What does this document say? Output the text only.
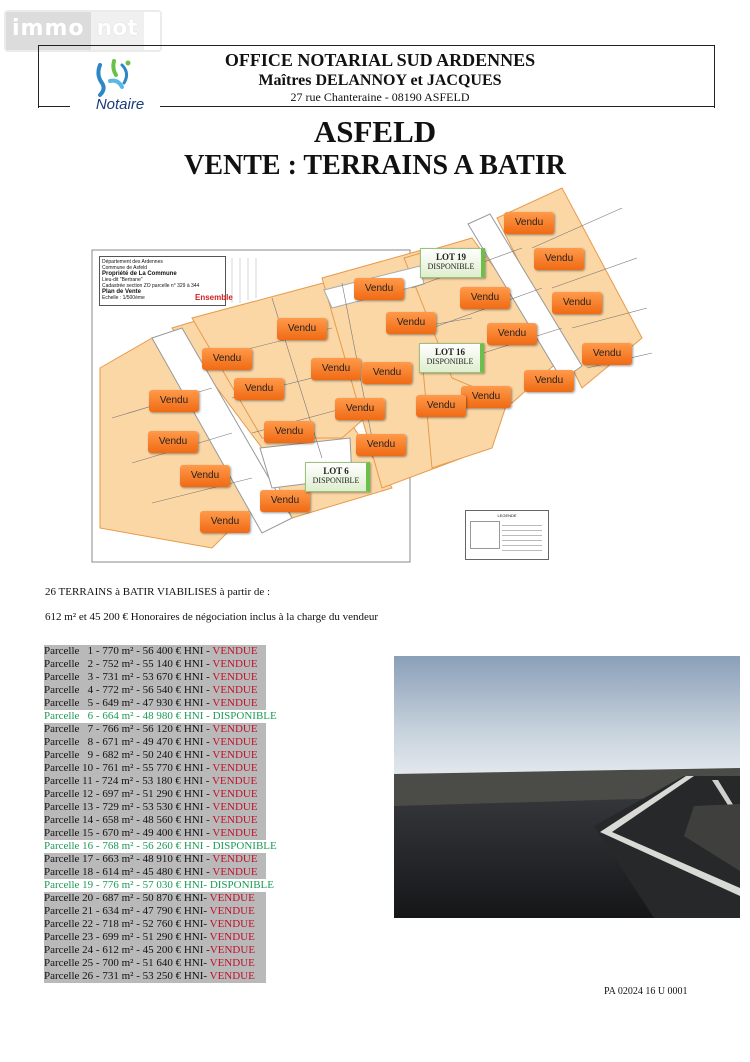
immo not
Notaire
OFFICE NOTARIAL SUD ARDENNES
Maîtres DELANNOY et JACQUES
27 rue Chanteraine - 08190 ASFELD
ASFELD
VENTE : TERRAINS A BATIR
Département des Ardennes
Commune de Asfeld
Propriété de La Commune
Lieu-dit "Bertrane"
Cadastrée section ZO parcelle n° 329 à 344
Plan de Vente
Echelle : 1/500ème	Ensemble
Vendu
Vendu
Vendu
Vendu	Vendu
Vendu
Vendu	Vendu
Vendu
Vendu
Vendu
Vendu
Vendu
Vendu
Vendu
Vendu
Vendu	Vendu
Vendu
Vendu
Vendu
Vendu
Vendu
Vendu
LOT 19
DISPONIBLE
LOT 16
DISPONIBLE
LOT 6
DISPONIBLE
LEGENDE
26 TERRAINS à BATIR VIABILISES à partir de :
612 m² et 45 200 € Honoraires de négociation inclus à la charge du vendeur
Parcelle   1 - 770 m² - 56 400 € HNI - VENDUE
Parcelle   2 - 752 m² - 55 140 € HNI - VENDUE
Parcelle   3 - 731 m² - 53 670 € HNI - VENDUE
Parcelle   4 - 772 m² - 56 540 € HNI - VENDUE
Parcelle   5 - 649 m² - 47 930 € HNI - VENDUE
Parcelle   6 - 664 m² - 48 980 € HNI - DISPONIBLE
Parcelle   7 - 766 m² - 56 120 € HNI - VENDUE
Parcelle   8 - 671 m² - 49 470 € HNI - VENDUE
Parcelle   9 - 682 m² - 50 240 € HNI - VENDUE
Parcelle 10 - 761 m² - 55 770 € HNI - VENDUE
Parcelle 11 - 724 m² - 53 180 € HNI - VENDUE
Parcelle 12 - 697 m² - 51 290 € HNI - VENDUE
Parcelle 13 - 729 m² - 53 530 € HNI - VENDUE
Parcelle 14 - 658 m² - 48 560 € HNI - VENDUE
Parcelle 15 - 670 m² - 49 400 € HNI - VENDUE
Parcelle 16 - 768 m² - 56 260 € HNI - DISPONIBLE
Parcelle 17 - 663 m² - 48 910 € HNI - VENDUE
Parcelle 18 - 614 m² - 45 480 € HNI - VENDUE
Parcelle 19 - 776 m² - 57 030 € HNI- DISPONIBLE
Parcelle 20 - 687 m² - 50 870 € HNI- VENDUE
Parcelle 21 - 634 m² - 47 790 € HNI- VENDUE
Parcelle 22 - 718 m² - 52 760 € HNI- VENDUE
Parcelle 23 - 699 m² - 51 290 € HNI- VENDUE
Parcelle 24 - 612 m² - 45 200 € HNI -VENDUE
Parcelle 25 - 700 m² - 51 640 € HNI- VENDUE
Parcelle 26 - 731 m² - 53 250 € HNI- VENDUE
PA 02024 16 U 0001
